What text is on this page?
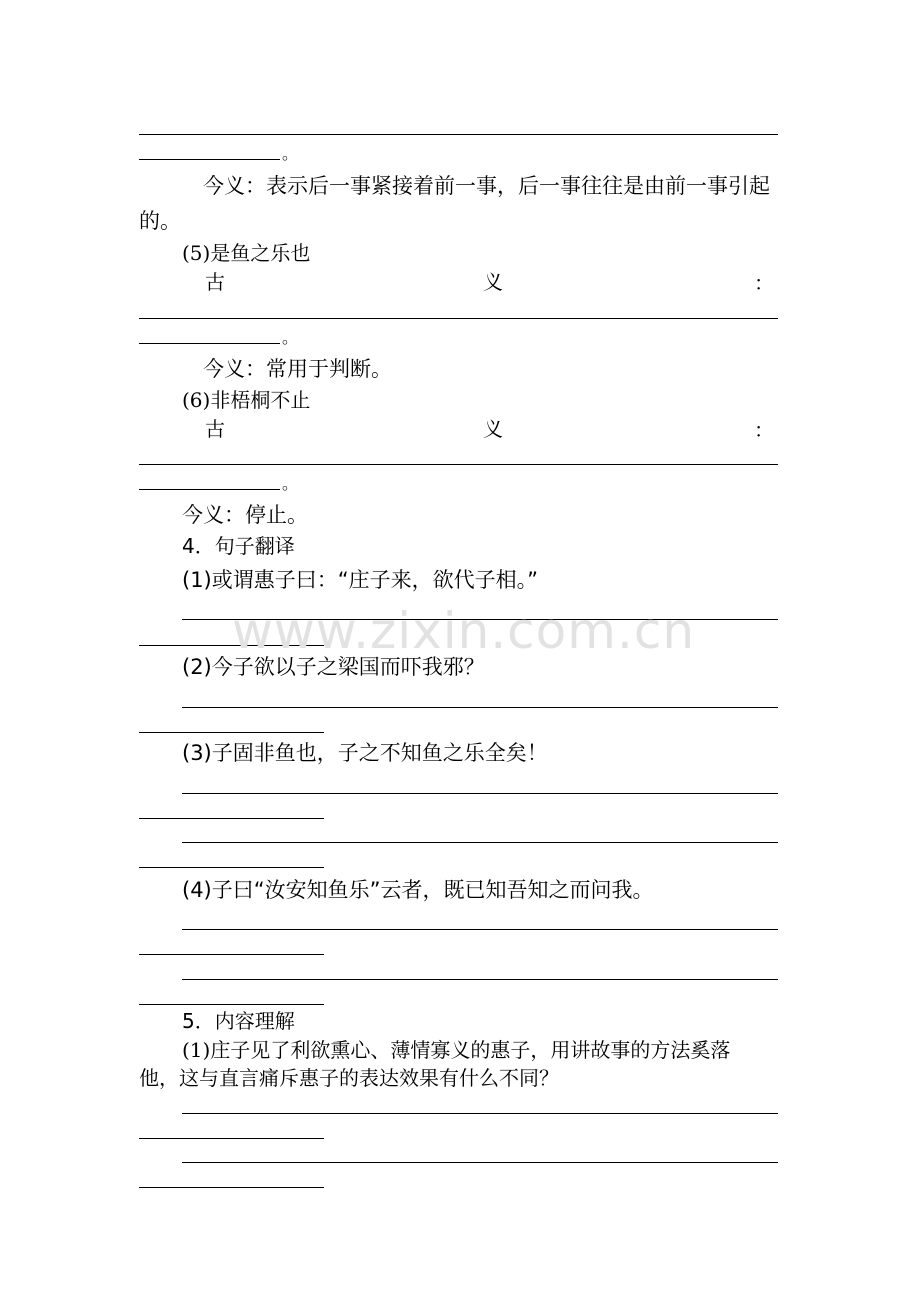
。
今义：表示后一事紧接着前一事，后一事往往是由前一事引起
的。
(5)是鱼之乐也
古	义	：
。
今义：常用于判断。
(6)非梧桐不止
古	义	：
。
今义：停止。
4．句子翻译
(1)或谓惠子曰：“庄子来，欲代子相。”
(2)今子欲以子之梁国而吓我邪？
(3)子固非鱼也，子之不知鱼之乐全矣！
(4)子曰“汝安知鱼乐”云者，既已知吾知之而问我。
5．内容理解
(1)庄子见了利欲熏心、薄情寡义的惠子，用讲故事的方法奚落
他，这与直言痛斥惠子的表达效果有什么不同？
www.zixin.com.cn
